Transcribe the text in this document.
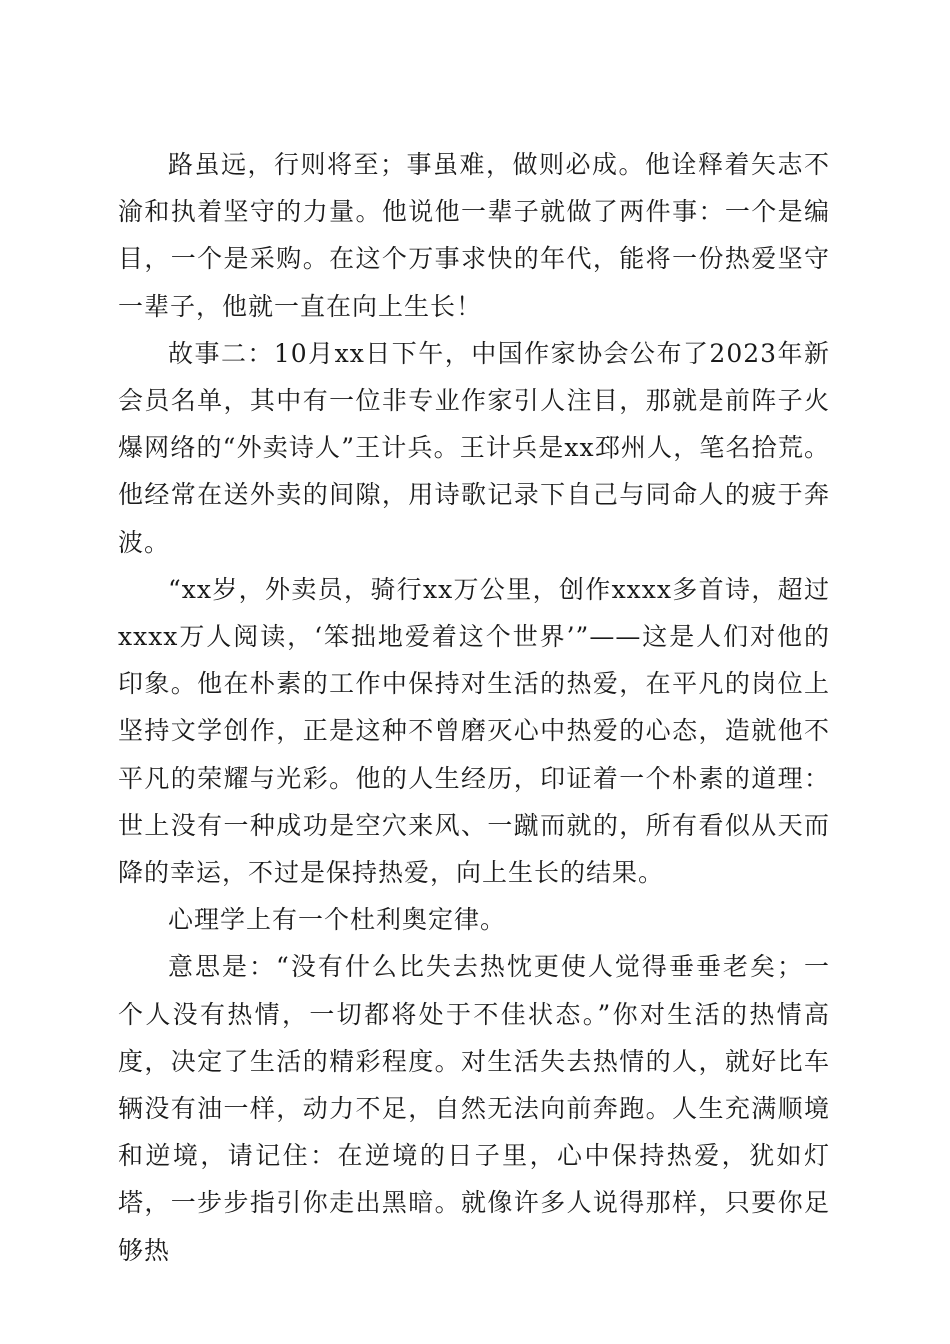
路虽远，行则将至；事虽难，做则必成。他诠释着矢志不渝和执着坚守的力量。他说他一辈子就做了两件事：一个是编目，一个是采购。在这个万事求快的年代，能将一份热爱坚守一辈子，他就一直在向上生长！

故事二：10月xx日下午，中国作家协会公布了2023年新会员名单，其中有一位非专业作家引人注目，那就是前阵子火爆网络的“外卖诗人”王计兵。王计兵是xx邳州人，笔名拾荒。他经常在送外卖的间隙，用诗歌记录下自己与同命人的疲于奔波。

“xx岁，外卖员，骑行xx万公里，创作xxxx多首诗，超过xxxx万人阅读，‘笨拙地爱着这个世界’”——这是人们对他的印象。他在朴素的工作中保持对生活的热爱，在平凡的岗位上坚持文学创作，正是这种不曾磨灭心中热爱的心态，造就他不平凡的荣耀与光彩。他的人生经历，印证着一个朴素的道理：世上没有一种成功是空穴来风、一蹴而就的，所有看似从天而降的幸运，不过是保持热爱，向上生长的结果。

心理学上有一个杜利奥定律。

意思是：“没有什么比失去热忱更使人觉得垂垂老矣；一个人没有热情，一切都将处于不佳状态。”你对生活的热情高度，决定了生活的精彩程度。对生活失去热情的人，就好比车辆没有油一样，动力不足，自然无法向前奔跑。人生充满顺境和逆境，请记住：在逆境的日子里，心中保持热爱，犹如灯塔，一步步指引你走出黑暗。就像许多人说得那样，只要你足够热
